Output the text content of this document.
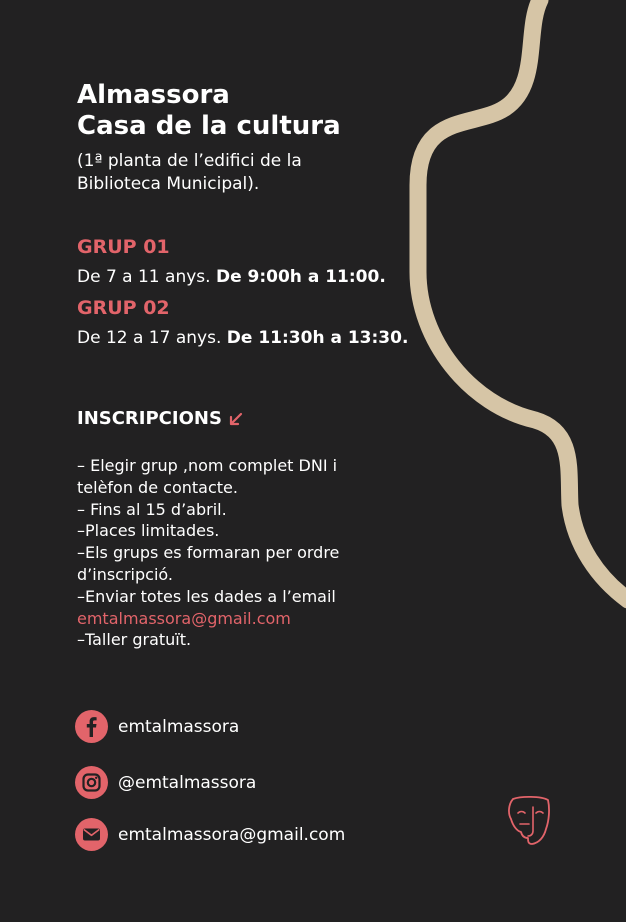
Almassora
Casa de la cultura

(1ª planta de l’edifici de la Biblioteca Municipal).

GRUP 01

De 7 a 11 anys. De 9:00h a 11:00.

GRUP 02

De 12 a 17 anys. De 11:30h a 13:30.

INSCRIPCIONS

– Elegir grup ,nom complet DNI i telèfon de contacte.
– Fins al 15 d’abril.
–Places limitades.
–Els grups es formaran per ordre d’inscripció.
–Enviar totes les dades a l’email emtalmassora@gmail.com
–Taller gratuït.
emtalmassora
@emtalmassora
emtalmassora@gmail.com
